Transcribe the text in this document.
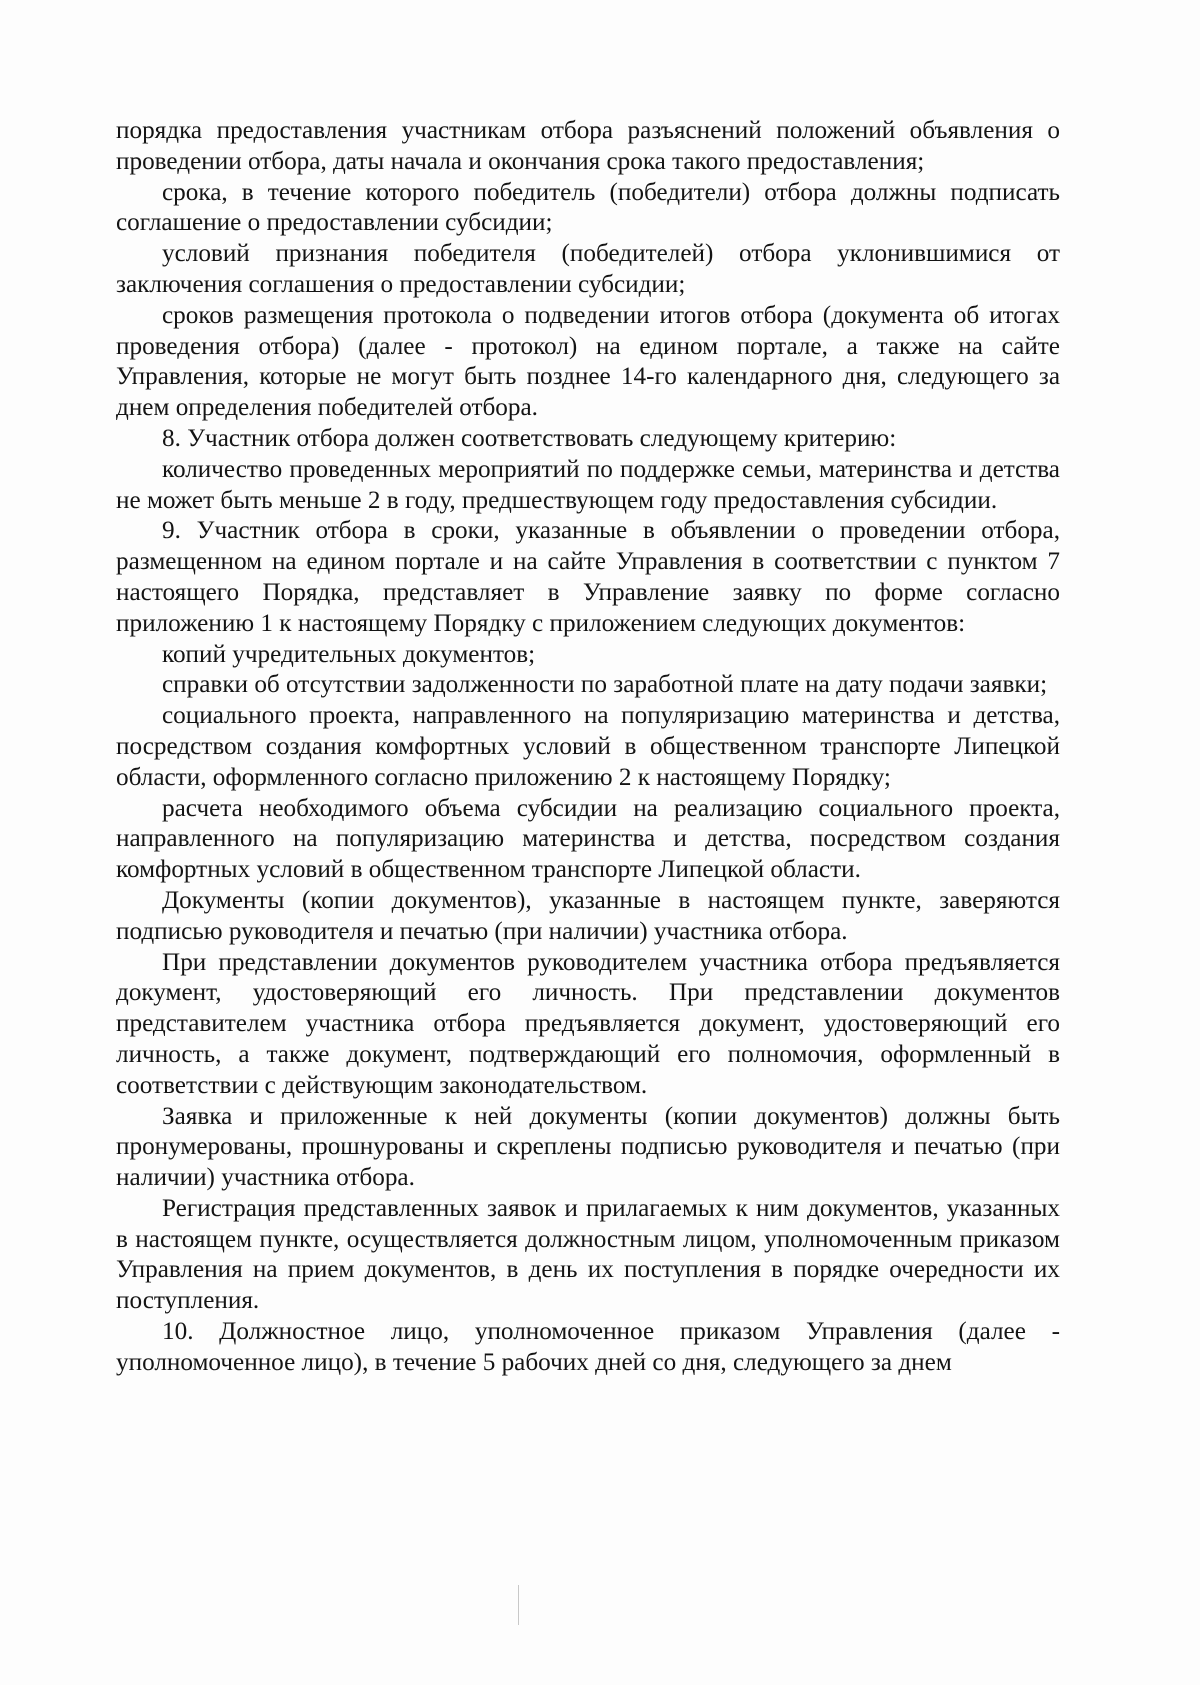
порядка предоставления участникам отбора разъяснений положений объявления о проведении отбора, даты начала и окончания срока такого предоставления;

срока, в течение которого победитель (победители) отбора должны подписать соглашение о предоставлении субсидии;

условий признания победителя (победителей) отбора уклонившимися от заключения соглашения о предоставлении субсидии;

сроков размещения протокола о подведении итогов отбора (документа об итогах проведения отбора) (далее - протокол) на едином портале, а также на сайте Управления, которые не могут быть позднее 14-го календарного дня, следующего за днем определения победителей отбора.

8. Участник отбора должен соответствовать следующему критерию:

количество проведенных мероприятий по поддержке семьи, материнства и детства не может быть меньше 2 в году, предшествующем году предоставления субсидии.

9. Участник отбора в сроки, указанные в объявлении о проведении отбора, размещенном на едином портале и на сайте Управления в соответствии с пунктом 7 настоящего Порядка, представляет в Управление заявку по форме согласно приложению 1 к настоящему Порядку с приложением следующих документов:

копий учредительных документов;

справки об отсутствии задолженности по заработной плате на дату подачи заявки;

социального проекта, направленного на популяризацию материнства и детства, посредством создания комфортных условий в общественном транспорте Липецкой области, оформленного согласно приложению 2 к настоящему Порядку;

расчета необходимого объема субсидии на реализацию социального проекта, направленного на популяризацию материнства и детства, посредством создания комфортных условий в общественном транспорте Липецкой области.

Документы (копии документов), указанные в настоящем пункте, заверяются подписью руководителя и печатью (при наличии) участника отбора.

При представлении документов руководителем участника отбора предъявляется документ, удостоверяющий его личность. При представлении документов представителем участника отбора предъявляется документ, удостоверяющий его личность, а также документ, подтверждающий его полномочия, оформленный в соответствии с действующим законодательством.

Заявка и приложенные к ней документы (копии документов) должны быть пронумерованы, прошнурованы и скреплены подписью руководителя и печатью (при наличии) участника отбора.

Регистрация представленных заявок и прилагаемых к ним документов, указанных в настоящем пункте, осуществляется должностным лицом, уполномоченным приказом Управления на прием документов, в день их поступления в порядке очередности их поступления.

10. Должностное лицо, уполномоченное приказом Управления (далее - уполномоченное лицо), в течение 5 рабочих дней со дня, следующего за днем
